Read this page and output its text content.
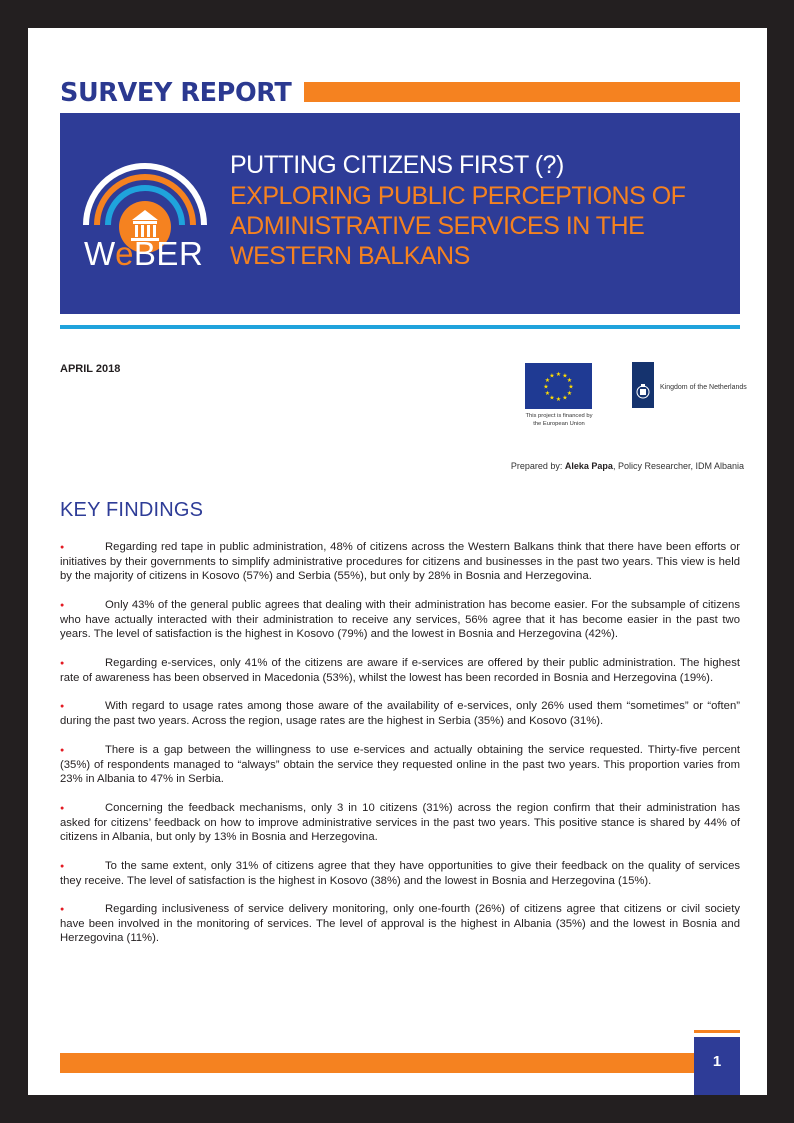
SURVEY REPORT
WeBER
PUTTING CITIZENS FIRST (?)
EXPLORING PUBLIC PERCEPTIONS OF
ADMINISTRATIVE SERVICES IN THE
WESTERN BALKANS
APRIL 2018	★ ★
★
★
★
★
★
★
★
★
★
★
This project is financed by
the European Union
Kingdom of the Netherlands
Prepared by: Aleka Papa, Policy Researcher, IDM Albania
KEY FINDINGS
●	Regarding red tape in public administration, 48% of citizens across the Western Balkans think that there have been efforts or initiatives by their governments to simplify administrative procedures for citizens and businesses in the past two years. This view is held by the majority of citizens in Kosovo (57%) and Serbia (55%), but only by 28% in Bosnia and Herzegovina.
●	Only 43% of the general public agrees that dealing with their administration has become easier. For the subsample of citizens who have actually interacted with their administration to receive any services, 56% agree that it has become easier in the past two years. The level of satisfaction is the highest in Kosovo (79%) and the lowest in Bosnia and Herzegovina (42%).
●	Regarding e-services, only 41% of the citizens are aware if e-services are offered by their public administration. The highest rate of awareness has been observed in Macedonia (53%), whilst the lowest has been recorded in Bosnia and Herzegovina (19%).
●	With regard to usage rates among those aware of the availability of e-services, only 26% used them “sometimes” or “often” during the past two years. Across the region, usage rates are the highest in Serbia (35%) and Kosovo (31%).
●	There is a gap between the willingness to use e-services and actually obtaining the service requested. Thirty-five percent (35%) of respondents managed to “always” obtain the service they requested online in the past two years. This proportion varies from 23% in Albania to 47% in Serbia.
●	Concerning the feedback mechanisms, only 3 in 10 citizens (31%) across the region confirm that their administration has asked for citizens’ feedback on how to improve administrative services in the past two years. This positive stance is shared by 44% of citizens in Albania, but only by 13% in Bosnia and Herzegovina.
●	To the same extent, only 31% of citizens agree that they have opportunities to give their feedback on the quality of services they receive. The level of satisfaction is the highest in Kosovo (38%) and the lowest in Bosnia and Herzegovina (15%).
●	Regarding inclusiveness of service delivery monitoring, only one-fourth (26%) of citizens agree that citizens or civil society have been involved in the monitoring of services. The level of approval is the highest in Albania (35%) and the lowest in Bosnia and Herzegovina (11%).
1
